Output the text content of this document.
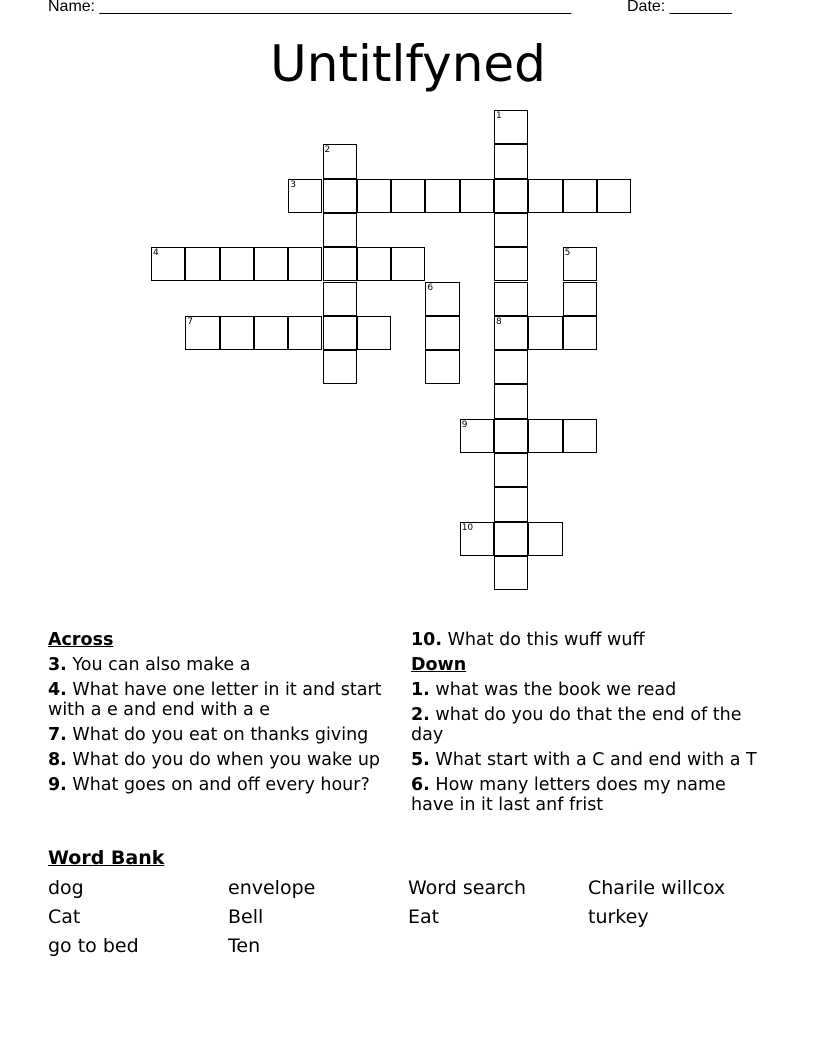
Name: _____________________________________________________	Date: _______
Untitlfyned
1
2
3
4	5
6
7
9
10
8
Across
3. You can also make a
4. What have one letter in it and start with a e and end with a e
7. What do you eat on thanks giving
8. What do you do when you wake up
9. What goes on and off every hour?
10. What do this wuff wuff
Down
1. what was the book we read
2. what do you do that the end of the day
5. What start with a C and end with a T
6. How many letters does my name have in it last anf frist
Word Bank
dog	envelope	Word search	Charile willcox
Cat	Bell	Eat	turkey
go to bed	Ten
